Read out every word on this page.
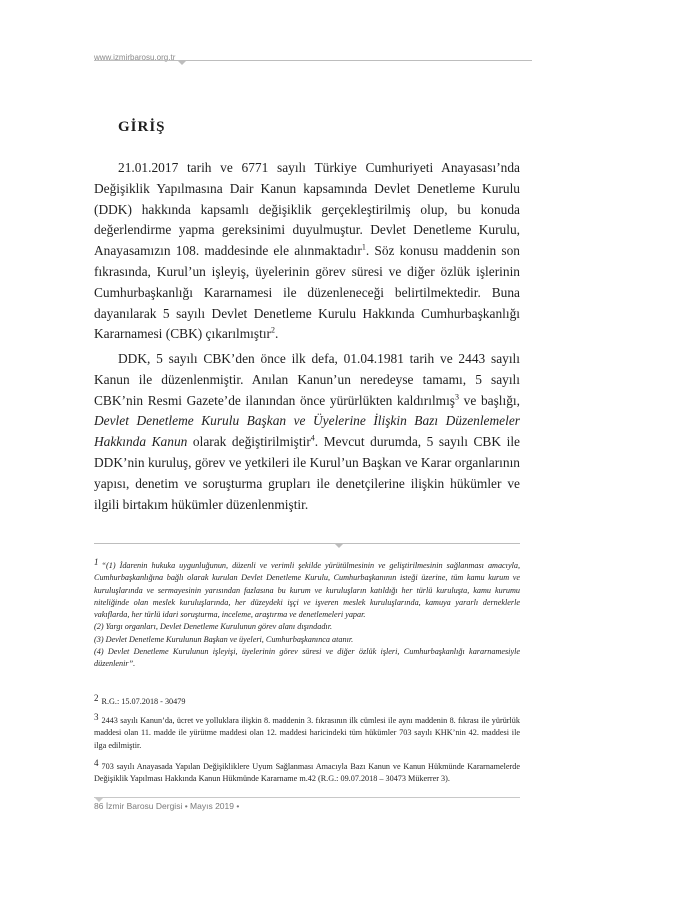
www.izmirbarosu.org.tr
GİRİŞ

21.01.2017 tarih ve 6771 sayılı Türkiye Cumhuriyeti Anayasası’nda Değişiklik Yapılmasına Dair Kanun kapsamında Devlet Denetleme Kurulu (DDK) hakkında kapsamlı değişiklik gerçekleştirilmiş olup, bu konuda değerlendirme yapma gereksinimi duyulmuştur. Devlet Denetleme Kurulu, Anayasamızın 108. maddesinde ele alınmaktadır$^1$. Söz konusu maddenin son fıkrasında, Kurul’un işleyiş, üyelerinin görev süresi ve diğer özlük işlerinin Cumhurbaşkanlığı Kararnamesi ile düzenleneceği belirtilmektedir. Buna dayanılarak 5 sayılı Devlet Denetleme Kurulu Hakkında Cumhurbaşkanlığı Kararnamesi (CBK) çıkarılmıştır$^2$.

DDK, 5 sayılı CBK’den önce ilk defa, 01.04.1981 tarih ve 2443 sayılı Kanun ile düzenlenmiştir. Anılan Kanun’un neredeyse tamamı, 5 sayılı CBK’nin Resmi Gazete’de ilanından önce yürürlükten kaldırılmış$^3$ ve başlığı, Devlet Denetleme Kurulu Başkan ve Üyelerine İlişkin Bazı Düzenlemeler Hakkında Kanun olarak değiştirilmiştir$^4$. Mevcut durumda, 5 sayılı CBK ile DDK’nin kuruluş, görev ve yetkileri ile Kurul’un Başkan ve Karar organlarının yapısı, denetim ve soruşturma grupları ile denetçilerine ilişkin hükümler ve ilgili birtakım hükümler düzenlenmiştir.

1 “(1) İdarenin hukuka uygunluğunun, düzenli ve verimli şekilde yürütülmesinin ve geliştirilmesinin sağlanması amacıyla, Cumhurbaşkanlığına bağlı olarak kurulan Devlet Denetleme Kurulu, Cumhurbaşkanının isteği üzerine, tüm kamu kurum ve kuruluşlarında ve sermayesinin yarısından fazlasına bu kurum ve kuruluşların katıldığı her türlü kuruluşta, kamu kurumu niteliğinde olan meslek kuruluşlarında, her düzeydeki işçi ve işveren meslek kuruluşlarında, kamuya yararlı derneklerle vakıflarda, her türlü idari soruşturma, inceleme, araştırma ve denetlemeleri yapar.

(2) Yargı organları, Devlet Denetleme Kurulunun görev alanı dışındadır.

(3) Devlet Denetleme Kurulunun Başkan ve üyeleri, Cumhurbaşkanınca atanır.

(4) Devlet Denetleme Kurulunun işleyişi, üyelerinin görev süresi ve diğer özlük işleri, Cumhurbaşkanlığı kararnamesiyle düzenlenir”.

2 R.G.: 15.07.2018 - 30479

3 2443 sayılı Kanun’da, ücret ve yolluklara ilişkin 8. maddenin 3. fıkrasının ilk cümlesi ile aynı maddenin 8. fıkrası ile yürürlük maddesi olan 11. madde ile yürütme maddesi olan 12. maddesi haricindeki tüm hükümler 703 sayılı KHK’nin 42. maddesi ile ilga edilmiştir.

4 703 sayılı Anayasada Yapılan Değişikliklere Uyum Sağlanması Amacıyla Bazı Kanun ve Kanun Hükmünde Kararnamelerde Değişiklik Yapılması Hakkında Kanun Hükmünde Kararname m.42 (R.G.: 09.07.2018 – 30473 Mükerrer 3).

86 İzmir Barosu Dergisi • Mayıs 2019 •
